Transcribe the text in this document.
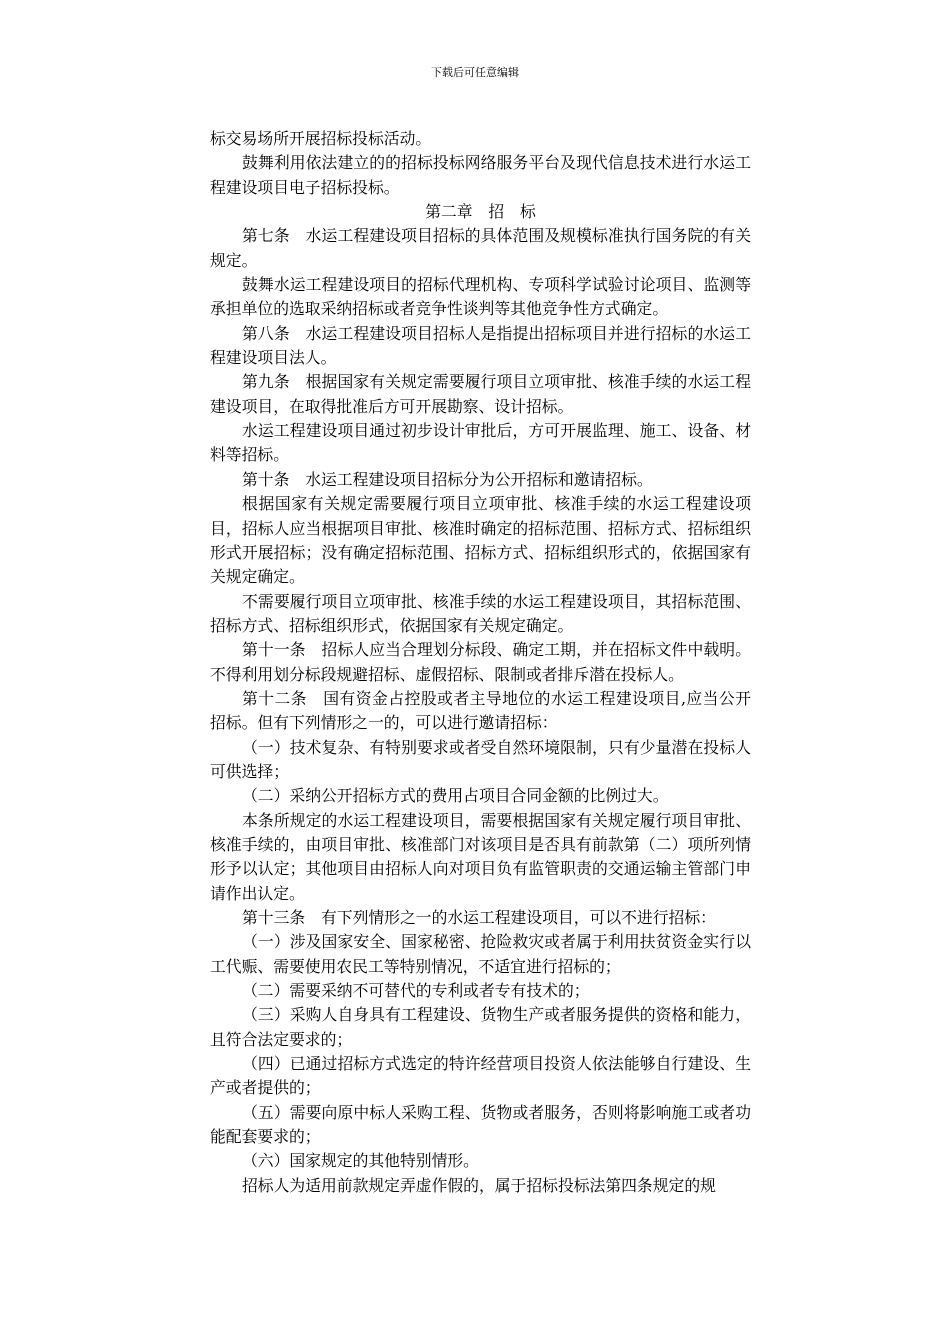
下载后可任意编辑

标交易场所开展招标投标活动。

鼓舞利用依法建立的的招标投标网络服务平台及现代信息技术进行水运工程建设项目电子招标投标。

第二章　招　标

第七条　水运工程建设项目招标的具体范围及规模标准执行国务院的有关规定。

鼓舞水运工程建设项目的招标代理机构、专项科学试验讨论项目、监测等承担单位的选取采纳招标或者竞争性谈判等其他竞争性方式确定。

第八条　水运工程建设项目招标人是指提出招标项目并进行招标的水运工程建设项目法人。

第九条　根据国家有关规定需要履行项目立项审批、核准手续的水运工程建设项目，在取得批准后方可开展勘察、设计招标。

水运工程建设项目通过初步设计审批后，方可开展监理、施工、设备、材料等招标。

第十条　水运工程建设项目招标分为公开招标和邀请招标。

根据国家有关规定需要履行项目立项审批、核准手续的水运工程建设项目，招标人应当根据项目审批、核准时确定的招标范围、招标方式、招标组织形式开展招标；没有确定招标范围、招标方式、招标组织形式的，依据国家有关规定确定。

不需要履行项目立项审批、核准手续的水运工程建设项目，其招标范围、招标方式、招标组织形式，依据国家有关规定确定。

第十一条　招标人应当合理划分标段、确定工期，并在招标文件中载明。不得利用划分标段规避招标、虚假招标、限制或者排斥潜在投标人。

第十二条　国有资金占控股或者主导地位的水运工程建设项目,应当公开招标。但有下列情形之一的，可以进行邀请招标：

（一）技术复杂、有特别要求或者受自然环境限制，只有少量潜在投标人可供选择；

（二）采纳公开招标方式的费用占项目合同金额的比例过大。

本条所规定的水运工程建设项目，需要根据国家有关规定履行项目审批、核准手续的，由项目审批、核准部门对该项目是否具有前款第（二）项所列情形予以认定；其他项目由招标人向对项目负有监管职责的交通运输主管部门申请作出认定。

第十三条　有下列情形之一的水运工程建设项目，可以不进行招标：

（一）涉及国家安全、国家秘密、抢险救灾或者属于利用扶贫资金实行以工代赈、需要使用农民工等特别情况，不适宜进行招标的；

（二）需要采纳不可替代的专利或者专有技术的；

（三）采购人自身具有工程建设、货物生产或者服务提供的资格和能力，且符合法定要求的；

（四）已通过招标方式选定的特许经营项目投资人依法能够自行建设、生产或者提供的；

（五）需要向原中标人采购工程、货物或者服务，否则将影响施工或者功能配套要求的；

（六）国家规定的其他特别情形。

招标人为适用前款规定弄虚作假的，属于招标投标法第四条规定的规
